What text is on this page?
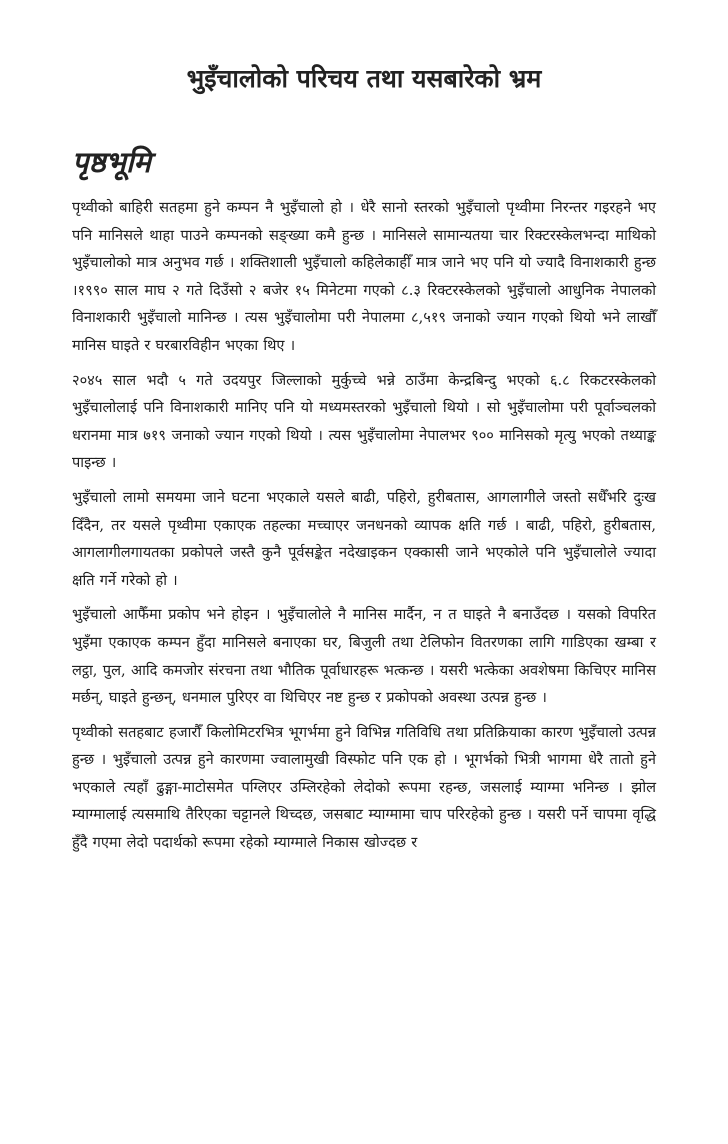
भुइँचालोको परिचय तथा यसबारेको भ्रम
पृष्ठभूमि

पृथ्वीको बाहिरी सतहमा हुने कम्पन नै भुइँचालो हो । धेरै सानो स्तरको भुइँचालो पृथ्वीमा निरन्तर गइरहने भए पनि मानिसले थाहा पाउने कम्पनको सङ्ख्या कमै हुन्छ । मानिसले सामान्यतया चार रिक्टरस्केलभन्दा माथिको भुइँचालोको मात्र अनुभव गर्छ । शक्तिशाली भुइँचालो कहिलेकाहीँ मात्र जाने भए पनि यो ज्यादै विनाशकारी हुन्छ ।१९९० साल माघ २ गते दिउँसो २ बजेर १५ मिनेटमा गएको ८.३ रिक्टरस्केलको भुइँचालो आधुनिक नेपालको विनाशकारी भुइँचालो मानिन्छ । त्यस भुइँचालोमा परी नेपालमा ८,५१९ जनाको ज्यान गएको थियो भने लाखौँ मानिस घाइते र घरबारविहीन भएका थिए ।

२०४५ साल भदौ ५ गते उदयपुर जिल्लाको मुर्कुच्चे भन्ने ठाउँमा केन्द्रबिन्दु भएको ६.८ रिकटरस्केलको भुइँचालोलाई पनि विनाशकारी मानिए पनि यो मध्यमस्तरको भुइँचालो थियो । सो भुइँचालोमा परी पूर्वाञ्चलको धरानमा मात्र ७१९ जनाको ज्यान गएको थियो । त्यस भुइँचालोमा नेपालभर ९०० मानिसको मृत्यु भएको तथ्याङ्क पाइन्छ ।

भुइँचालो लामो समयमा जाने घटना भएकाले यसले बाढी, पहिरो, हुरीबतास, आगलागीले जस्तो सधैँभरि दुःख दिँदैन, तर यसले पृथ्वीमा एकाएक तहल्का मच्चाएर जनधनको व्यापक क्षति गर्छ । बाढी, पहिरो, हुरीबतास, आगलागीलगायतका प्रकोपले जस्तै कुनै पूर्वसङ्केत नदेखाइकन एक्कासी जाने भएकोले पनि भुइँचालोले ज्यादा क्षति गर्ने गरेको हो ।

भुइँचालो आफैँमा प्रकोप भने होइन । भुइँचालोले नै मानिस मार्दैन, न त घाइते नै बनाउँदछ । यसको विपरित भुइँमा एकाएक कम्पन हुँदा मानिसले बनाएका घर, बिजुली तथा टेलिफोन वितरणका लागि गाडिएका खम्बा र लट्ठा, पुल, आदि कमजोर संरचना तथा भौतिक पूर्वाधारहरू भत्कन्छ । यसरी भत्केका अवशेषमा किचिएर मानिस मर्छन्, घाइते हुन्छन्, धनमाल पुरिएर वा थिचिएर नष्ट हुन्छ र प्रकोपको अवस्था उत्पन्न हुन्छ ।

पृथ्वीको सतहबाट हजारौँ किलोमिटरभित्र भूगर्भमा हुने विभिन्न गतिविधि तथा प्रतिक्रियाका कारण भुइँचालो उत्पन्न हुन्छ । भुइँचालो उत्पन्न हुने कारणमा ज्वालामुखी विस्फोट पनि एक हो । भूगर्भको भित्री भागमा धेरै तातो हुने भएकाले त्यहाँ ढुङ्गा-माटोसमेत पग्लिएर उम्लिरहेको लेदोको रूपमा रहन्छ, जसलाई म्याग्मा भनिन्छ । झोल म्याग्मालाई त्यसमाथि तैरिएका चट्टानले थिच्दछ, जसबाट म्याग्मामा चाप परिरहेको हुन्छ । यसरी पर्ने चापमा वृद्धि हुँदै गएमा लेदो पदार्थको रूपमा रहेको म्याग्माले निकास खोज्दछ र
